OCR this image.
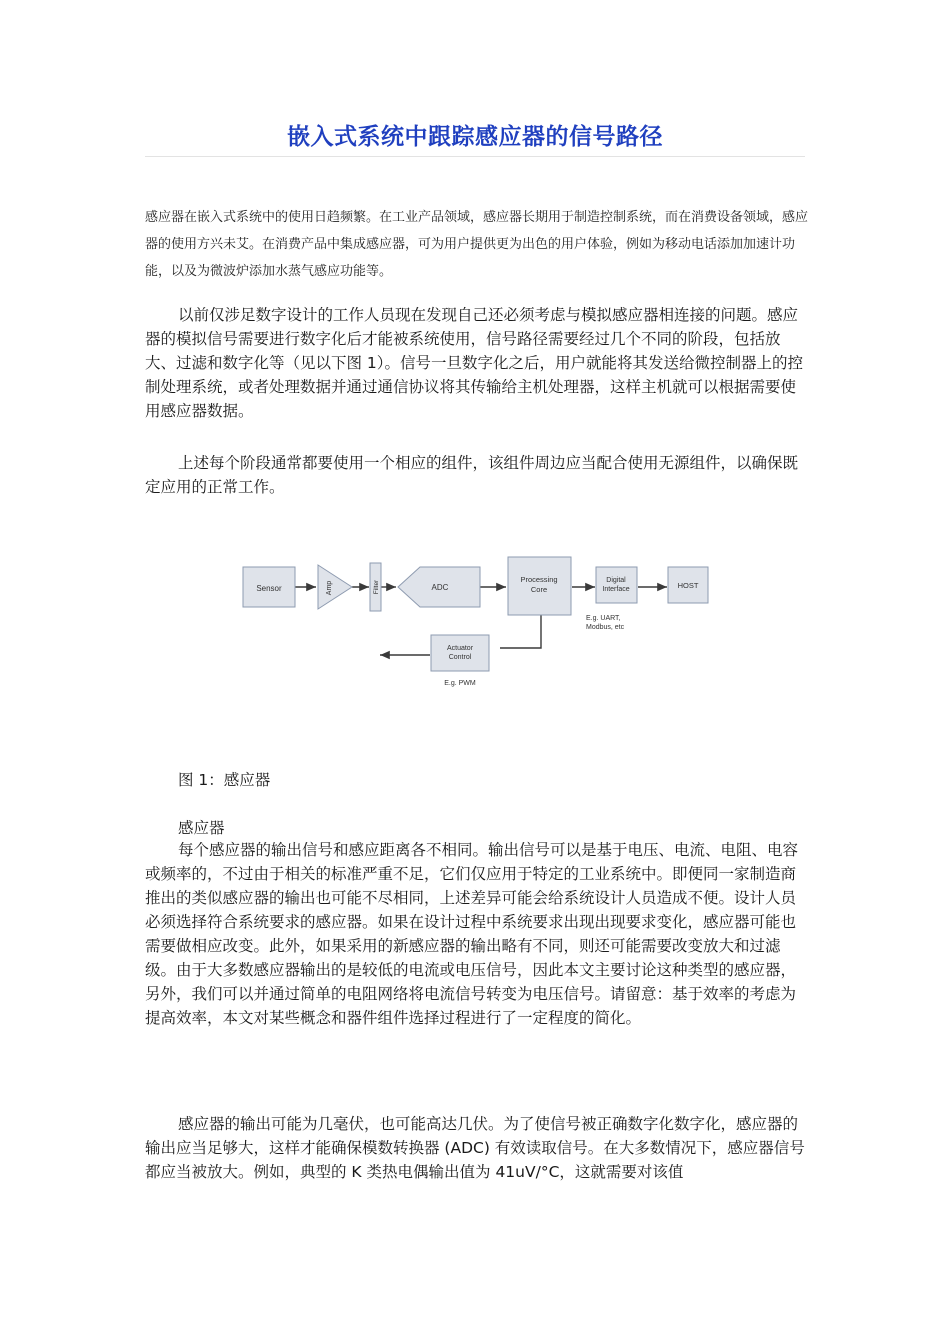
嵌入式系统中跟踪感应器的信号路径
感应器在嵌入式系统中的使用日趋频繁。在工业产品领域，感应器长期用于制造控制系统，而在消费设备领域，感应器的使用方兴未艾。在消费产品中集成感应器，可为用户提供更为出色的用户体验，例如为移动电话添加加速计功能，以及为微波炉添加水蒸气感应功能等。
以前仅涉足数字设计的工作人员现在发现自己还必须考虑与模拟感应器相连接的问题。感应器的模拟信号需要进行数字化后才能被系统使用，信号路径需要经过几个不同的阶段，包括放大、过滤和数字化等（见以下图 1）。信号一旦数字化之后，用户就能将其发送给微控制器上的控制处理系统，或者处理数据并通过通信协议将其传输给主机处理器，这样主机就可以根据需要使用感应器数据。
上述每个阶段通常都要使用一个相应的组件，该组件周边应当配合使用无源组件，以确保既定应用的正常工作。
Sensor	Amp	Filter	ADC
Processing
Core
Digital
Interface	HOST
E.g. UART,
Modbus, etc
Actuator
Control
E.g. PWM
图 1：感应器
感应器
每个感应器的输出信号和感应距离各不相同。输出信号可以是基于电压、电流、电阻、电容或频率的，不过由于相关的标准严重不足，它们仅应用于特定的工业系统中。即便同一家制造商推出的类似感应器的输出也可能不尽相同，上述差异可能会给系统设计人员造成不便。设计人员必须选择符合系统要求的感应器。如果在设计过程中系统要求出现出现要求变化，感应器可能也需要做相应改变。此外，如果采用的新感应器的输出略有不同，则还可能需要改变放大和过滤级。由于大多数感应器输出的是较低的电流或电压信号，因此本文主要讨论这种类型的感应器，另外，我们可以并通过简单的电阻网络将电流信号转变为电压信号。请留意：基于效率的考虑为提高效率，本文对某些概念和器件组件选择过程进行了一定程度的简化。
感应器的输出可能为几毫伏，也可能高达几伏。为了使信号被正确数字化数字化，感应器的输出应当足够大，这样才能确保模数转换器 (ADC) 有效读取信号。在大多数情况下，感应器信号都应当被放大。例如，典型的 K 类热电偶输出值为 41uV/°C，这就需要对该值
